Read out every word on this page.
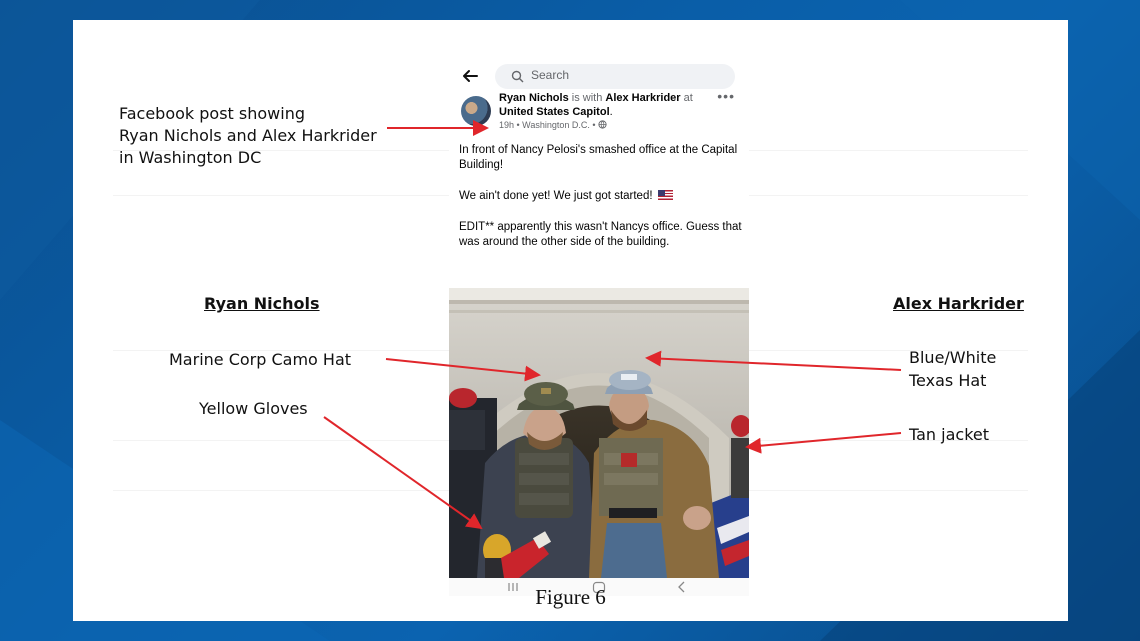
Facebook post showing
Ryan Nichols and Alex Harkrider
in Washington DC
Ryan Nichols	Alex Harkrider
Marine Corp Camo Hat
Yellow Gloves
Blue/White
Texas Hat
Tan jacket
Search
Ryan Nichols is with Alex Harkrider at United States Capitol.
19h • Washington D.C. •
•••
In front of Nancy Pelosi's smashed office at the Capital Building!
We ain't done yet! We just got started!
EDIT** apparently this wasn't Nancys office. Guess that was around the other side of the building.
Figure 6
